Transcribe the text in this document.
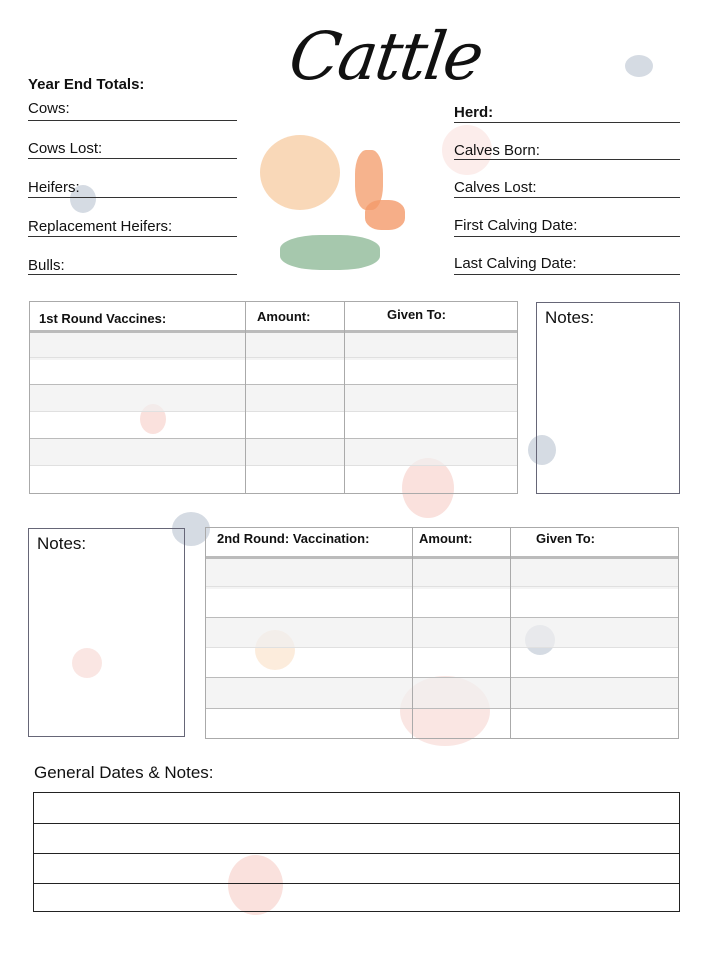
Cattle
Year End Totals:
Cows:
Cows Lost:
Heifers:
Replacement Heifers:
Bulls:
Herd:
Calves Born:
Calves Lost:
First Calving Date:
Last Calving Date:
1st Round Vaccines:	Amount:	Given To:	Notes:
Notes:	2nd Round: Vaccination:	Amount:	Given To:
General Dates & Notes:
